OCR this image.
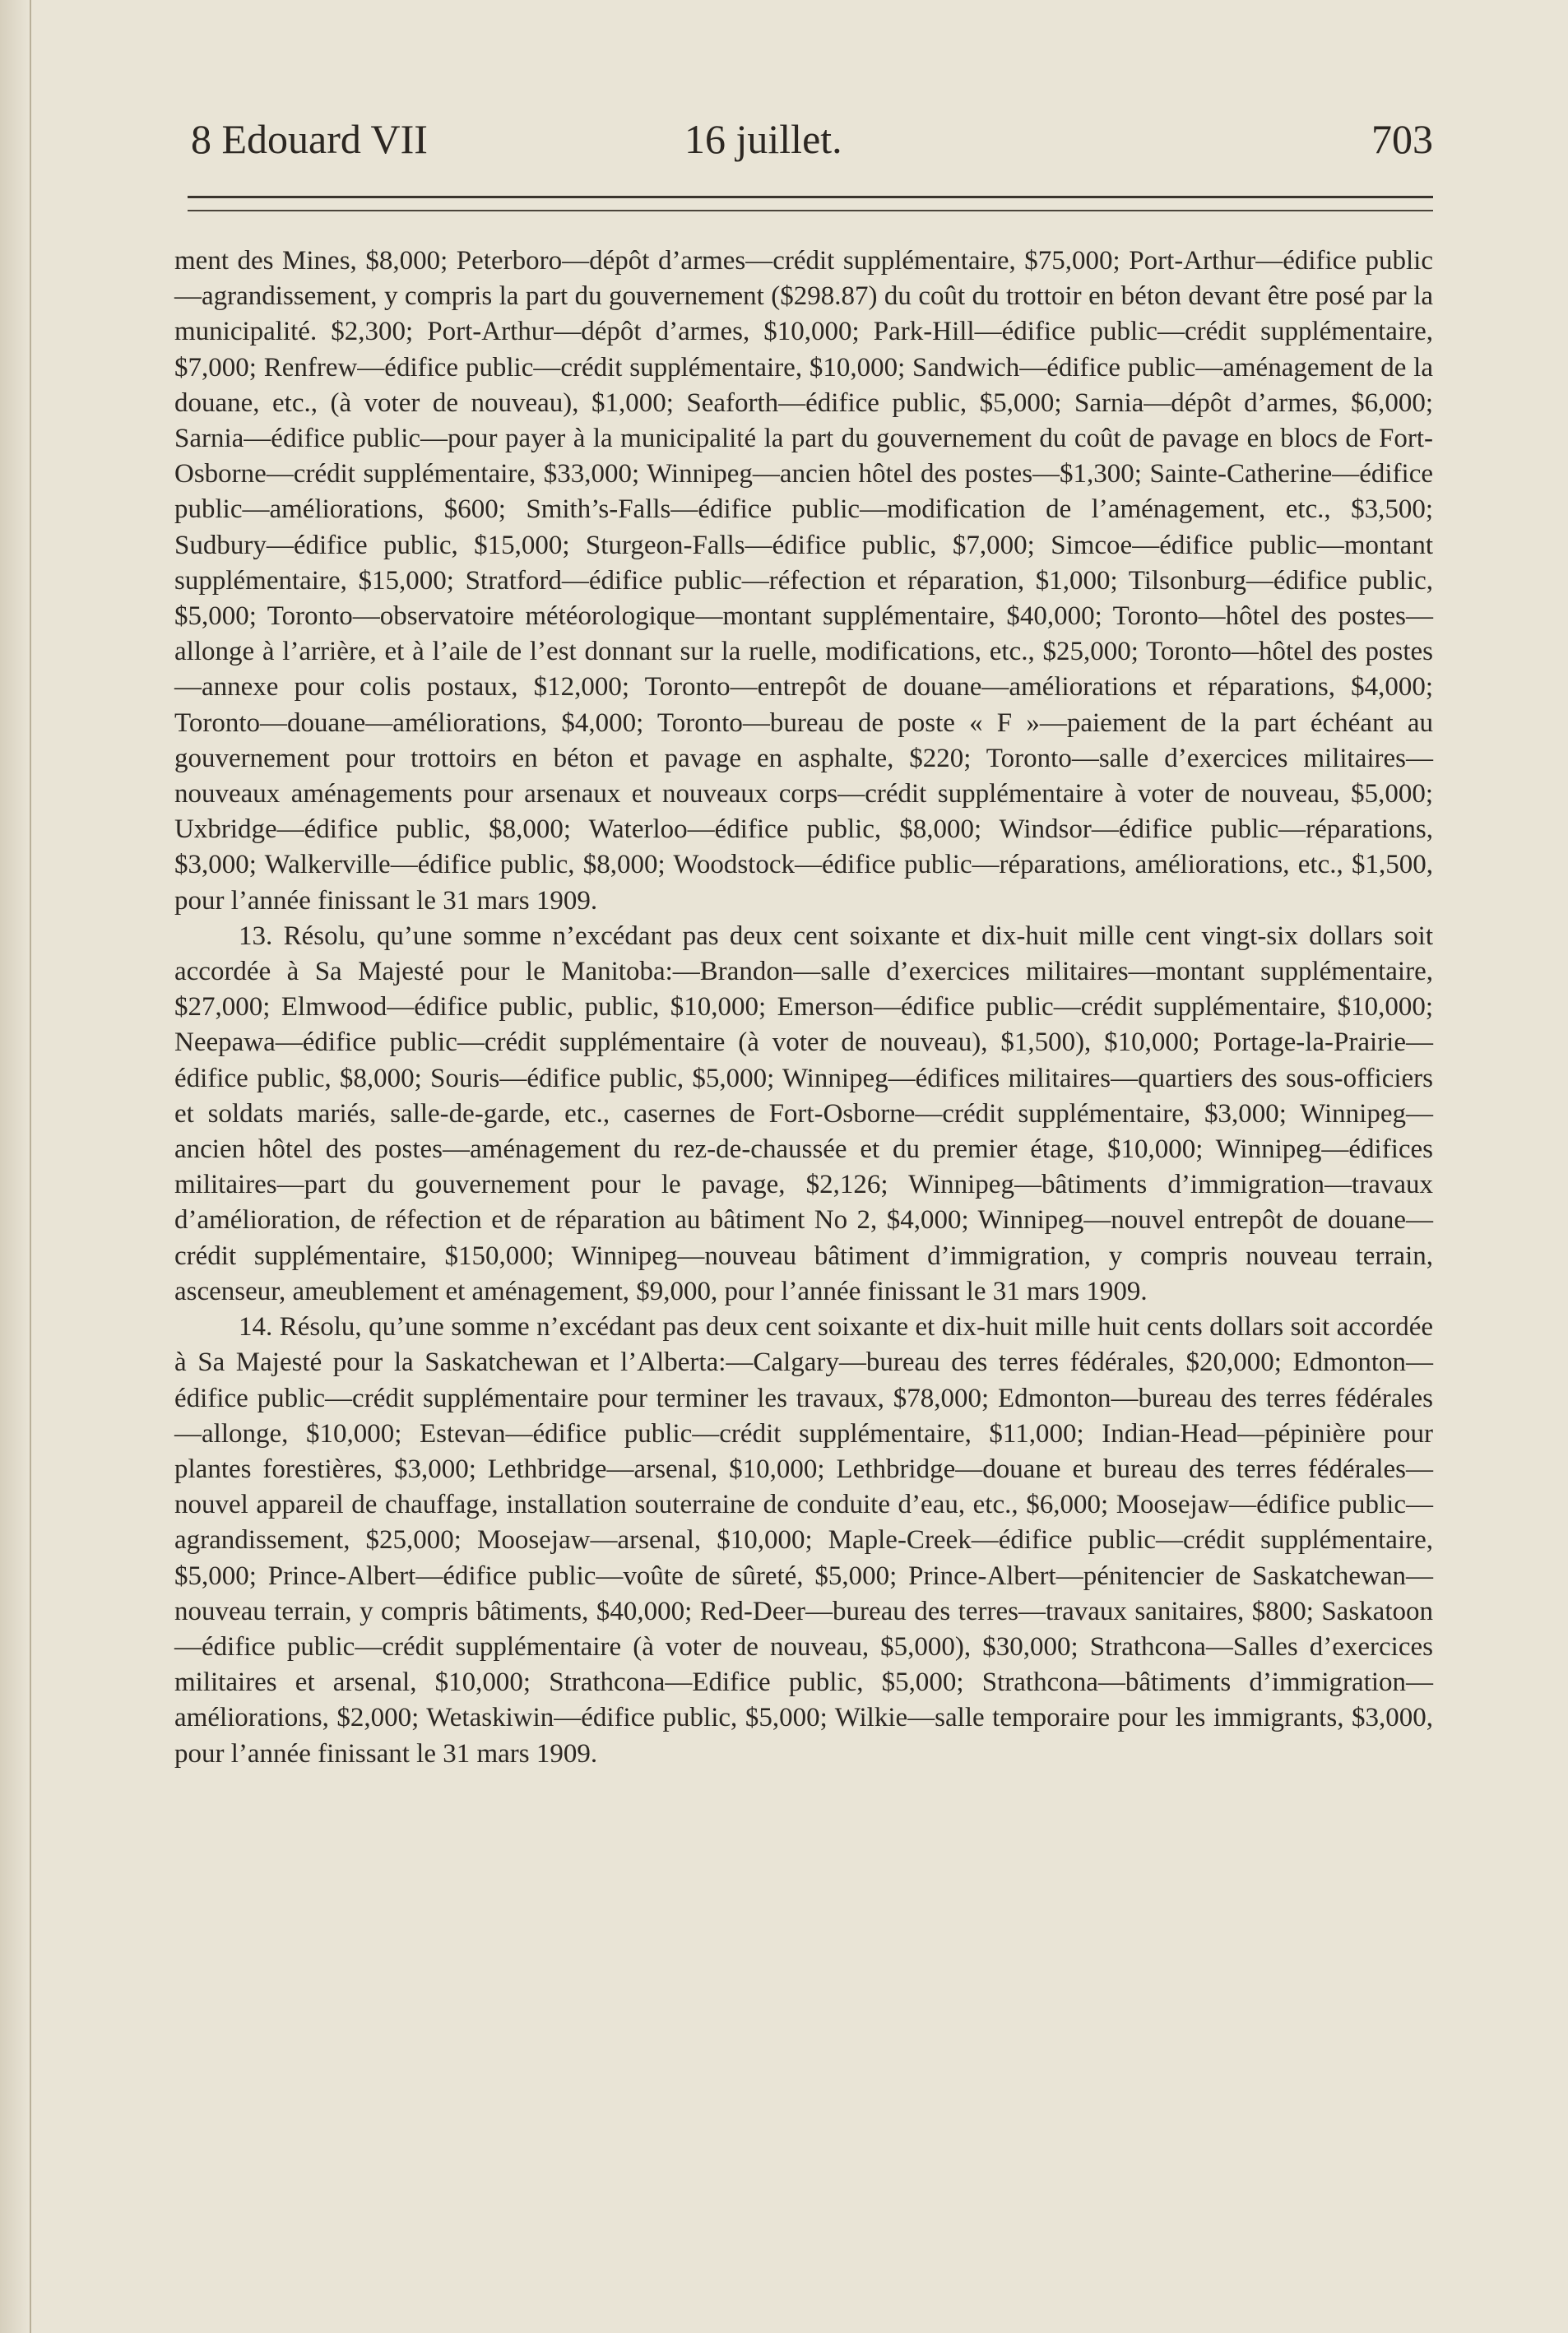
8 Edouard VII	16 juillet.	703

ment des Mines, $8,000; Peterboro—dépôt d’armes—crédit supplémentaire, $75,000; Port-Arthur—édifice public—agrandissement, y compris la part du gouvernement ($298.87) du coût du trottoir en béton devant être posé par la municipalité. $2,300; Port-Arthur—dépôt d’armes, $10,000; Park-Hill—édifice public—crédit supplémentaire, $7,000; Renfrew—édifice public—crédit supplémentaire, $10,000; Sandwich—édifice public—aménagement de la douane, etc., (à voter de nouveau), $1,000; Seaforth—édifice public, $5,000; Sarnia—dépôt d’armes, $6,000; Sarnia—édifice public—pour payer à la municipalité la part du gouvernement du coût de pavage en blocs de Fort-Osborne—crédit supplémentaire, $33,000; Winnipeg—ancien hôtel des postes—$1,300; Sainte-Catherine—édifice public—améliorations, $600; Smith’s-Falls—édifice public—modification de l’aménagement, etc., $3,500; Sudbury—édifice public, $15,000; Sturgeon-Falls—édifice public, $7,000; Simcoe—édifice public—montant supplémentaire, $15,000; Stratford—édifice public—réfection et réparation, $1,000; Tilsonburg—édifice public, $5,000; Toronto—observatoire météorologique—montant supplémentaire, $40,000; Toronto—hôtel des postes—allonge à l’arrière, et à l’aile de l’est donnant sur la ruelle, modifications, etc., $25,000; Toronto—hôtel des postes—annexe pour colis postaux, $12,000; Toronto—entrepôt de douane—améliorations et réparations, $4,000; Toronto—douane—améliorations, $4,000; Toronto—bureau de poste « F »—paiement de la part échéant au gouvernement pour trottoirs en béton et pavage en asphalte, $220; Toronto—salle d’exercices militaires—nouveaux aménagements pour arsenaux et nouveaux corps—crédit supplémentaire à voter de nouveau, $5,000; Uxbridge—édifice public, $8,000; Waterloo—édifice public, $8,000; Windsor—édifice public—réparations, $3,000; Walkerville—édifice public, $8,000; Woodstock—édifice public—réparations, améliorations, etc., $1,500, pour l’année finissant le 31 mars 1909.

13. Résolu, qu’une somme n’excédant pas deux cent soixante et dix-huit mille cent vingt-six dollars soit accordée à Sa Majesté pour le Manitoba:—Brandon—salle d’exercices militaires—montant supplémentaire, $27,000; Elmwood—édifice public, public, $10,000; Emerson—édifice public—crédit supplémentaire, $10,000; Neepawa—édifice public—crédit supplémentaire (à voter de nouveau), $1,500), $10,000; Portage-la-Prairie—édifice public, $8,000; Souris—édifice public, $5,000; Winnipeg—édifices militaires—quartiers des sous-officiers et soldats mariés, salle-de-garde, etc., casernes de Fort-Osborne—crédit supplémentaire, $3,000; Winnipeg—ancien hôtel des postes—aménagement du rez-de-chaussée et du premier étage, $10,000; Winnipeg—édifices militaires—part du gouvernement pour le pavage, $2,126; Winnipeg—bâtiments d’immigration—travaux d’amélioration, de réfection et de réparation au bâtiment No 2, $4,000; Winnipeg—nouvel entrepôt de douane—crédit supplémentaire, $150,000; Winnipeg—nouveau bâtiment d’immigration, y compris nouveau terrain, ascenseur, ameublement et aménagement, $9,000, pour l’année finissant le 31 mars 1909.

14. Résolu, qu’une somme n’excédant pas deux cent soixante et dix-huit mille huit cents dollars soit accordée à Sa Majesté pour la Saskatchewan et l’Alberta:—Calgary—bureau des terres fédérales, $20,000; Edmonton—édifice public—crédit supplémentaire pour terminer les travaux, $78,000; Edmonton—bureau des terres fédérales—allonge, $10,000; Estevan—édifice public—crédit supplémentaire, $11,000; Indian-Head—pépinière pour plantes forestières, $3,000; Lethbridge—arsenal, $10,000; Lethbridge—douane et bureau des terres fédérales—nouvel appareil de chauffage, installation souterraine de conduite d’eau, etc., $6,000; Moosejaw—édifice public—agrandissement, $25,000; Moosejaw—arsenal, $10,000; Maple-Creek—édifice public—crédit supplémentaire, $5,000; Prince-Albert—édifice public—voûte de sûreté, $5,000; Prince-Albert—pénitencier de Saskatchewan—nouveau terrain, y compris bâtiments, $40,000; Red-Deer—bureau des terres—travaux sanitaires, $800; Saskatoon—édifice public—crédit supplémentaire (à voter de nouveau, $5,000), $30,000; Strathcona—Salles d’exercices militaires et arsenal, $10,000; Strathcona—Edifice public, $5,000; Strathcona—bâtiments d’immigration—améliorations, $2,000; Wetaskiwin—édifice public, $5,000; Wilkie—salle temporaire pour les immigrants, $3,000, pour l’année finissant le 31 mars 1909.
